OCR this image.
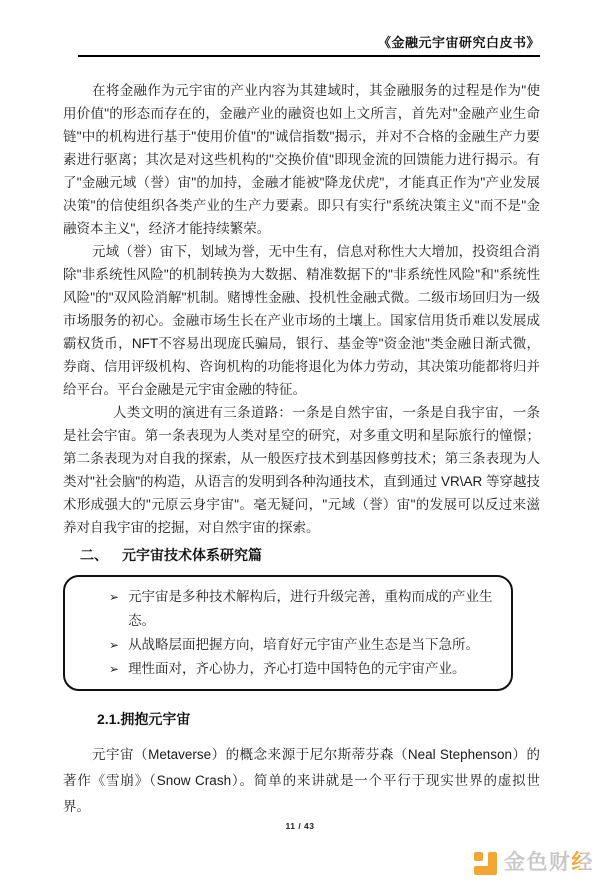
《金融元宇宙研究白皮书》

在将金融作为元宇宙的产业内容为其建域时，其金融服务的过程是作为"使用价值"的形态而存在的，金融产业的融资也如上文所言，首先对"金融产业生命链"中的机构进行基于"使用价值"的"诚信指数"揭示，并对不合格的金融生产力要素进行驱离；其次是对这些机构的"交换价值"即现金流的回馈能力进行揭示。有了"金融元域（誉）宙"的加持，金融才能被"降龙伏虎"，才能真正作为"产业发展决策"的信使组织各类产业的生产力要素。即只有实行"系统决策主义"而不是"金融资本主义"，经济才能持续繁荣。

元域（誉）宙下，划域为誉，无中生有，信息对称性大大增加，投资组合消除"非系统性风险"的机制转换为大数据、精准数据下的"非系统性风险"和"系统性风险"的"双风险消解"机制。赌博性金融、投机性金融式微。二级市场回归为一级市场服务的初心。金融市场生长在产业市场的土壤上。国家信用货币难以发展成霸权货币，NFT不容易出现庞氏骗局，银行、基金等"资金池"类金融日渐式微，券商、信用评级机构、咨询机构的功能将退化为体力劳动，其决策功能都将归并给平台。平台金融是元宇宙金融的特征。

人类文明的演进有三条道路：一条是自然宇宙，一条是自我宇宙，一条是社会宇宙。第一条表现为人类对星空的研究，对多重文明和星际旅行的憧憬；第二条表现为对自我的探索，从一般医疗技术到基因修剪技术；第三条表现为人类对"社会脑"的构造，从语言的发明到各种沟通技术，直到通过 VR\AR 等穿越技术形成强大的"元原云身宇宙"。毫无疑问，"元域（誉）宙"的发展可以反过来滋养对自我宇宙的挖掘，对自然宇宙的探索。

二、	元宇宙技术体系研究篇
➢ 元宇宙是多种技术解构后，进行升级完善，重构而成的产业生态。
➢ 从战略层面把握方向，培育好元宇宙产业生态是当下急所。
➢ 理性面对，齐心协力，齐心打造中国特色的元宇宙产业。
2.1.拥抱元宇宙

元宇宙（Metaverse）的概念来源于尼尔斯蒂芬森（Neal Stephenson）的著作《雪崩》（Snow Crash）。简单的来讲就是一个平行于现实世界的虚拟世界。

11 / 43
金色财经
